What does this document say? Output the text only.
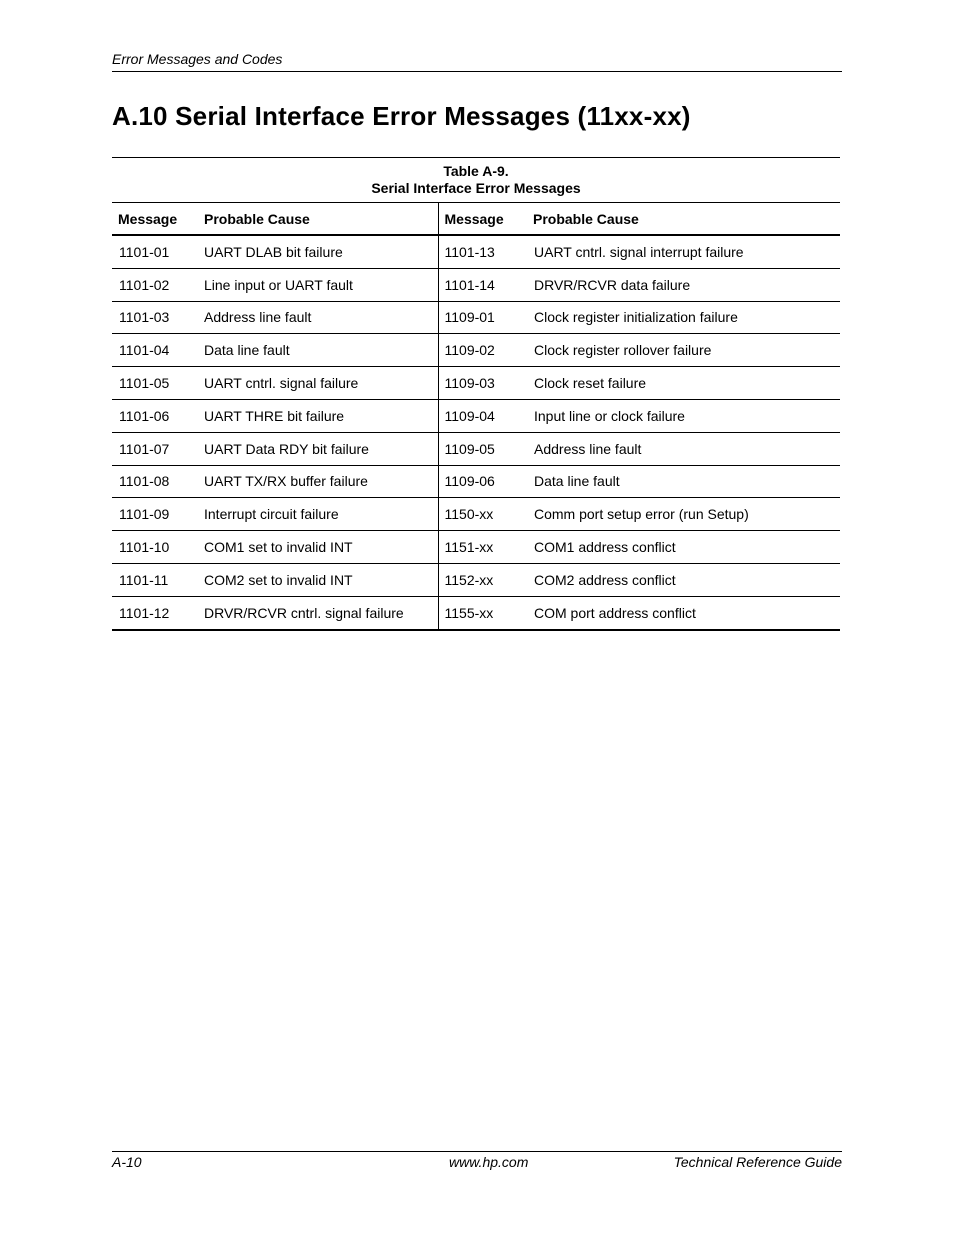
Error Messages and Codes
A.10 Serial Interface Error Messages (11xx-xx)
Table A-9.
Serial Interface Error Messages
Message	Probable Cause	Message	Probable Cause
1101-01	UART DLAB bit failure	1101-13	UART cntrl. signal interrupt failure
1101-02	Line input or UART fault	1101-14	DRVR/RCVR data failure
1101-03	Address line fault	1109-01	Clock register initialization failure
1101-04	Data line fault	1109-02	Clock register rollover failure
1101-05	UART cntrl. signal failure	1109-03	Clock reset failure
1101-06	UART THRE bit failure	1109-04	Input line or clock failure
1101-07	UART Data RDY bit failure	1109-05	Address line fault
1101-08	UART TX/RX buffer failure	1109-06	Data line fault
1101-09	Interrupt circuit failure	1150-xx	Comm port setup error (run Setup)
1101-10	COM1 set to invalid INT	1151-xx	COM1 address conflict
1101-11	COM2 set to invalid INT	1152-xx	COM2 address conflict
1101-12	DRVR/RCVR cntrl. signal failure	1155-xx	COM port address conflict
A-10	www.hp.com	Technical Reference Guide
